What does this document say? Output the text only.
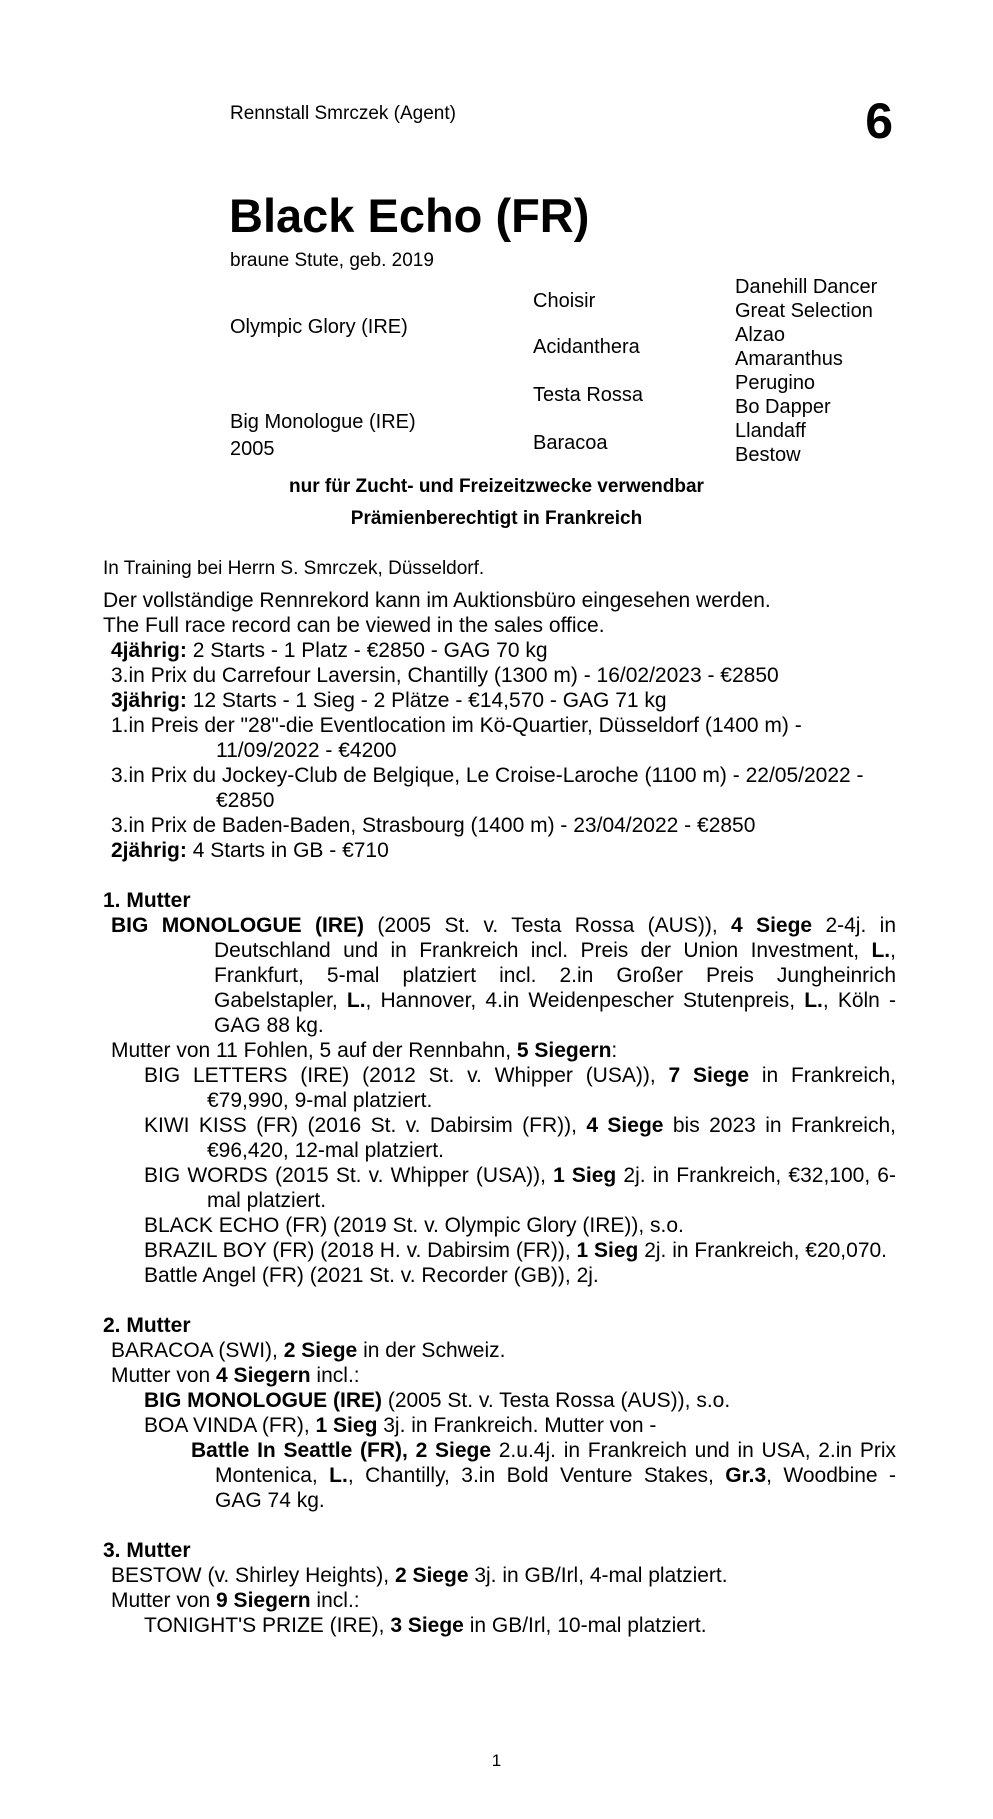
Rennstall Smrczek (Agent)	6
Black Echo (FR)
braune Stute, geb. 2019
Olympic Glory (IRE)
Big Monologue (IRE)
2005
Choisir
Acidanthera
Testa Rossa
Baracoa
Danehill Dancer
Great Selection
Alzao
Amaranthus
Perugino
Bo Dapper
Llandaff
Bestow
nur für Zucht- und Freizeitzwecke verwendbar
Prämienberechtigt in Frankreich
In Training bei Herrn S. Smrczek, Düsseldorf.

Der vollständige Rennrekord kann im Auktionsbüro eingesehen werden.

The Full race record can be viewed in the sales office.

4jährig: 2 Starts - 1 Platz - €2850 - GAG 70 kg

3.in Prix du Carrefour Laversin, Chantilly (1300 m) - 16/02/2023 - €2850

3jährig: 12 Starts - 1 Sieg - 2 Plätze - €14,570 - GAG 71 kg

1.in Preis der "28"-die Eventlocation im Kö-Quartier, Düsseldorf (1400 m) - 11/09/2022 - €4200

3.in Prix du Jockey-Club de Belgique, Le Croise-Laroche (1100 m) - 22/05/2022 - €2850

3.in Prix de Baden-Baden, Strasbourg (1400 m) - 23/04/2022 - €2850

2jährig: 4 Starts in GB - €710

1. Mutter

BIG MONOLOGUE (IRE) (2005 St. v. Testa Rossa (AUS)), 4 Siege 2-4j. in Deutschland und in Frankreich incl. Preis der Union Investment, L., Frankfurt, 5-mal platziert incl. 2.in Großer Preis Jungheinrich Gabelstapler, L., Hannover, 4.in Weidenpescher Stutenpreis, L., Köln - GAG 88 kg.

Mutter von 11 Fohlen, 5 auf der Rennbahn, 5 Siegern:

BIG LETTERS (IRE) (2012 St. v. Whipper (USA)), 7 Siege in Frankreich, €79,990, 9-mal platziert.

KIWI KISS (FR) (2016 St. v. Dabirsim (FR)), 4 Siege bis 2023 in Frankreich, €96,420, 12-mal platziert.

BIG WORDS (2015 St. v. Whipper (USA)), 1 Sieg 2j. in Frankreich, €32,100, 6-mal platziert.

BLACK ECHO (FR) (2019 St. v. Olympic Glory (IRE)), s.o.

BRAZIL BOY (FR) (2018 H. v. Dabirsim (FR)), 1 Sieg 2j. in Frankreich, €20,070.

Battle Angel (FR) (2021 St. v. Recorder (GB)), 2j.

2. Mutter

BARACOA (SWI), 2 Siege in der Schweiz.

Mutter von 4 Siegern incl.:

BIG MONOLOGUE (IRE) (2005 St. v. Testa Rossa (AUS)), s.o.

BOA VINDA (FR), 1 Sieg 3j. in Frankreich. Mutter von -

Battle In Seattle (FR), 2 Siege 2.u.4j. in Frankreich und in USA, 2.in Prix Montenica, L., Chantilly, 3.in Bold Venture Stakes, Gr.3, Woodbine - GAG 74 kg.

3. Mutter

BESTOW (v. Shirley Heights), 2 Siege 3j. in GB/Irl, 4-mal platziert.

Mutter von 9 Siegern incl.:

TONIGHT'S PRIZE (IRE), 3 Siege in GB/Irl, 10-mal platziert.

1
